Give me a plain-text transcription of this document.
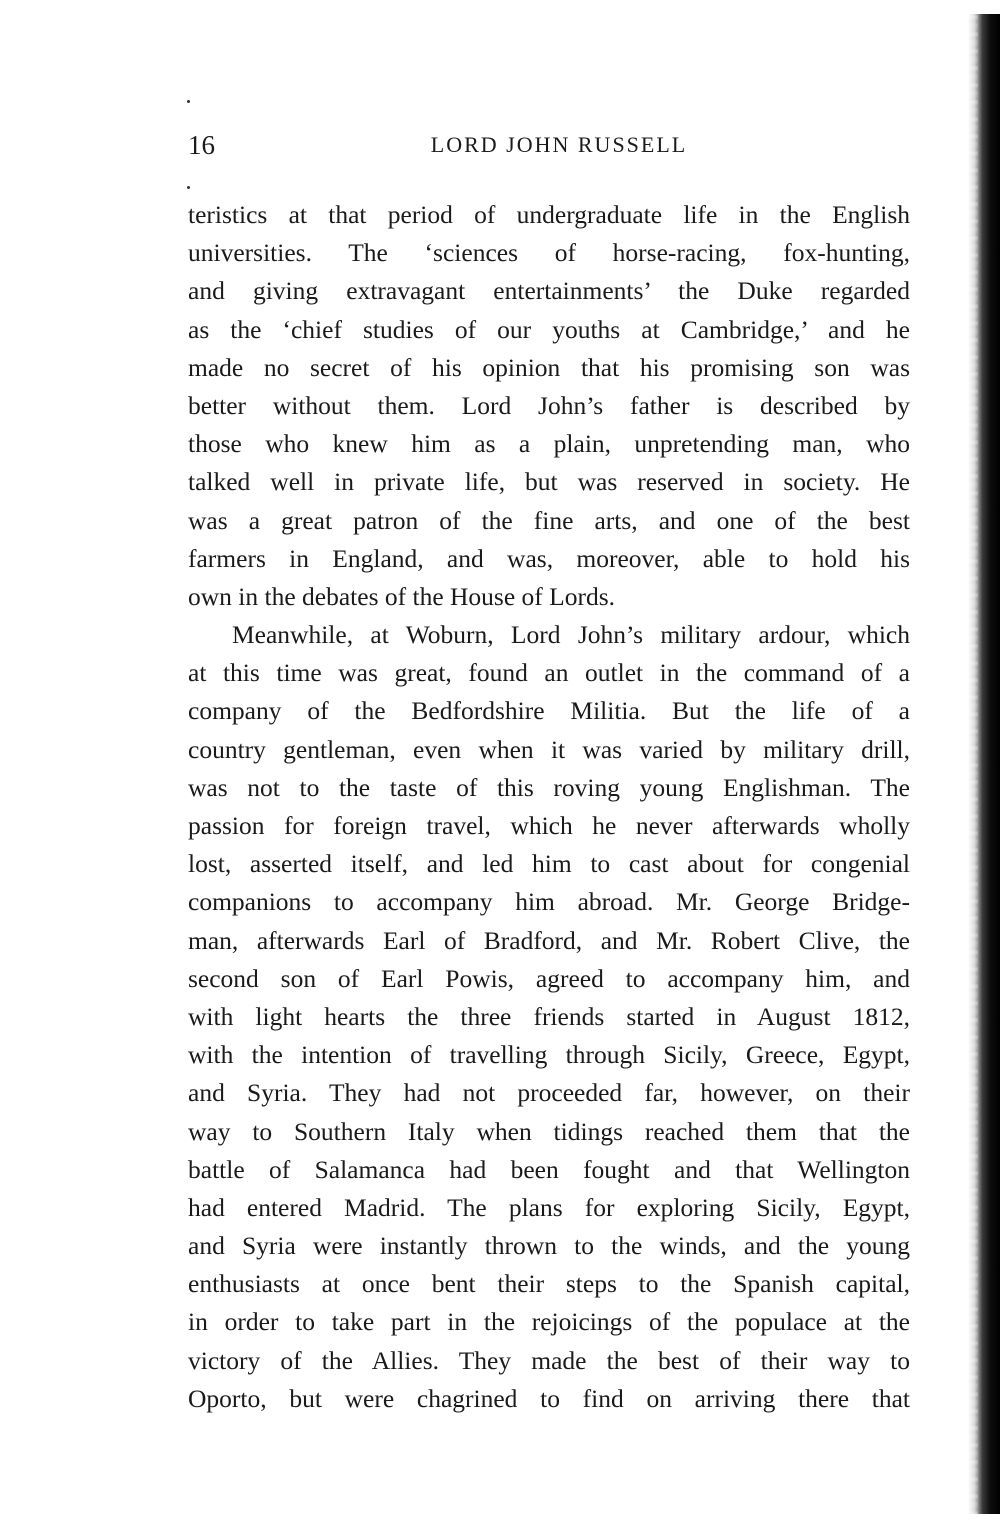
16	LORD JOHN RUSSELL
teristics at that period of undergraduate life in the English
universities. The ‘sciences of horse-racing, fox-hunting,
and giving extravagant entertainments’ the Duke regarded
as the ‘chief studies of our youths at Cambridge,’ and he
made no secret of his opinion that his promising son was
better without them. Lord John’s father is described by
those who knew him as a plain, unpretending man, who
talked well in private life, but was reserved in society. He
was a great patron of the fine arts, and one of the best
farmers in England, and was, moreover, able to hold his
own in the debates of the House of Lords.
Meanwhile, at Woburn, Lord John’s military ardour, which
at this time was great, found an outlet in the command of a
company of the Bedfordshire Militia. But the life of a
country gentleman, even when it was varied by military drill,
was not to the taste of this roving young Englishman. The
passion for foreign travel, which he never afterwards wholly
lost, asserted itself, and led him to cast about for congenial
companions to accompany him abroad. Mr. George Bridge-
man, afterwards Earl of Bradford, and Mr. Robert Clive, the
second son of Earl Powis, agreed to accompany him, and
with light hearts the three friends started in August 1812,
with the intention of travelling through Sicily, Greece, Egypt,
and Syria. They had not proceeded far, however, on their
way to Southern Italy when tidings reached them that the
battle of Salamanca had been fought and that Wellington
had entered Madrid. The plans for exploring Sicily, Egypt,
and Syria were instantly thrown to the winds, and the young
enthusiasts at once bent their steps to the Spanish capital,
in order to take part in the rejoicings of the populace at the
victory of the Allies. They made the best of their way to
Oporto, but were chagrined to find on arriving there that
